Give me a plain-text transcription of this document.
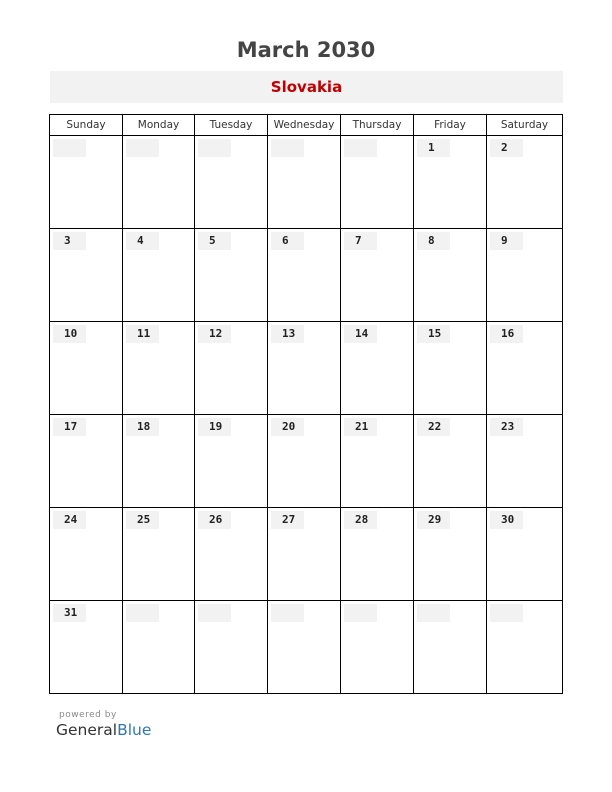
March 2030
Slovakia
Sunday	Monday	Tuesday	Wednesday	Thursday	Friday	Saturday

					1	2

3	4	5	6	7	8	9

10	11	12	13	14	15	16

17	18	19	20	21	22	23

24	25	26	27	28	29	30

31						

powered by
GeneralBlue
